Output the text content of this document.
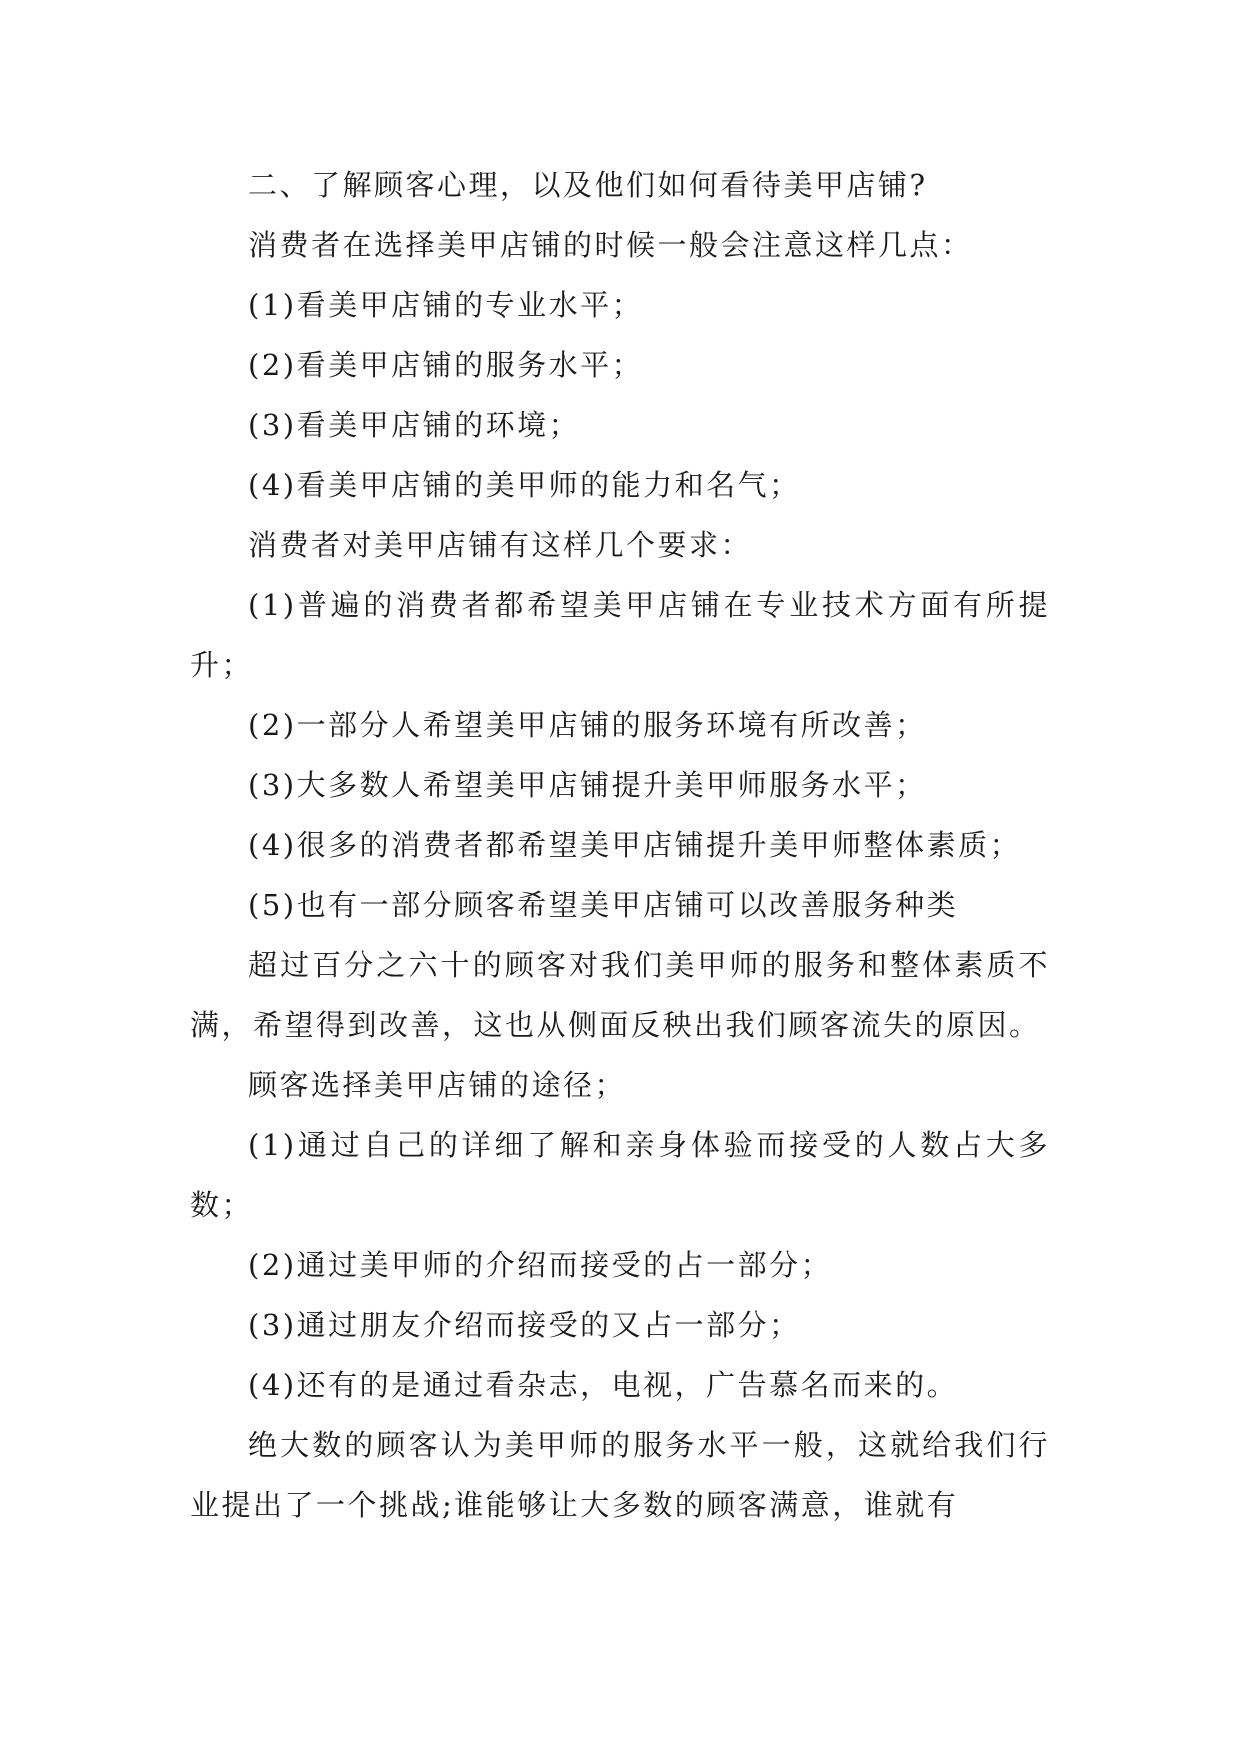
二、了解顾客心理，以及他们如何看待美甲店铺?

消费者在选择美甲店铺的时候一般会注意这样几点：

(1)看美甲店铺的专业水平；

(2)看美甲店铺的服务水平；

(3)看美甲店铺的环境；

(4)看美甲店铺的美甲师的能力和名气；

消费者对美甲店铺有这样几个要求：

(1)普遍的消费者都希望美甲店铺在专业技术方面有所提升；

(2)一部分人希望美甲店铺的服务环境有所改善；

(3)大多数人希望美甲店铺提升美甲师服务水平；

(4)很多的消费者都希望美甲店铺提升美甲师整体素质；

(5)也有一部分顾客希望美甲店铺可以改善服务种类

超过百分之六十的顾客对我们美甲师的服务和整体素质不满，希望得到改善，这也从侧面反秧出我们顾客流失的原因。

顾客选择美甲店铺的途径；

(1)通过自己的详细了解和亲身体验而接受的人数占大多数；

(2)通过美甲师的介绍而接受的占一部分；

(3)通过朋友介绍而接受的又占一部分；

(4)还有的是通过看杂志，电视，广告慕名而来的。

绝大数的顾客认为美甲师的服务水平一般，这就给我们行业提出了一个挑战;谁能够让大多数的顾客满意，谁就有
